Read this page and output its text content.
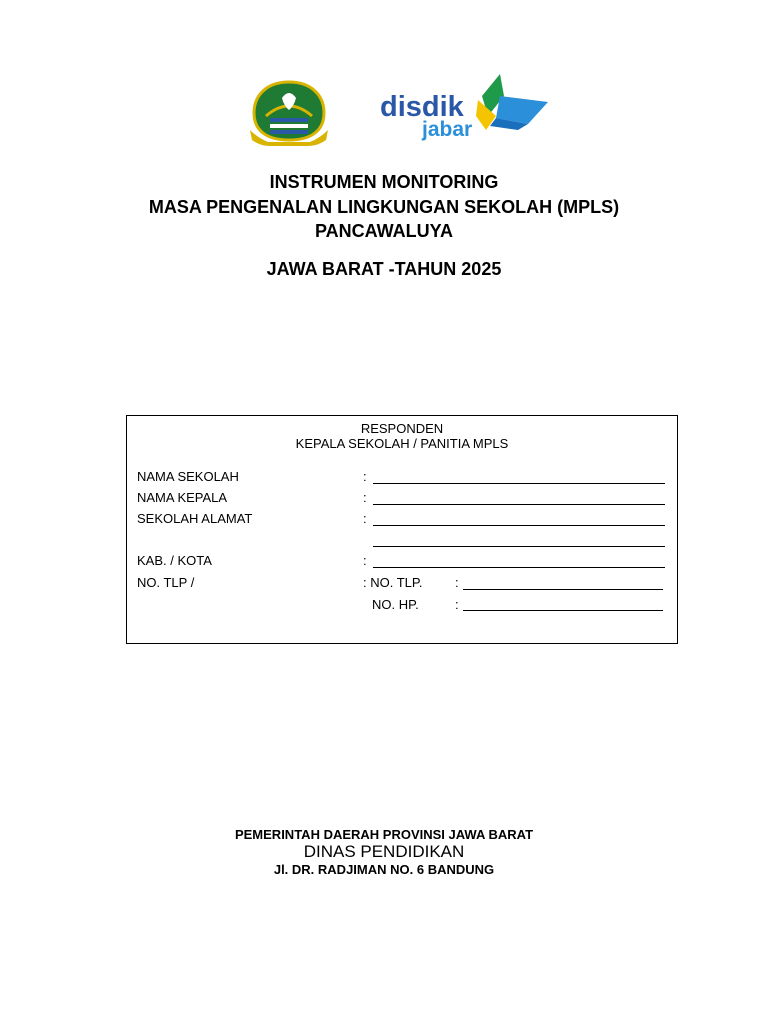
disdik
jabar
INSTRUMEN MONITORING
MASA PENGENALAN LINGKUNGAN SEKOLAH (MPLS)
PANCAWALUYA
JAWA BARAT -TAHUN 2025
RESPONDEN
KEPALA SEKOLAH / PANITIA MPLS
NAMA SEKOLAH	:
NAMA KEPALA	:
SEKOLAH ALAMAT	:
KAB. / KOTA	:
NO. TLP /	: NO. TLP.	:
NO. HP.	:
PEMERINTAH DAERAH PROVINSI JAWA BARAT
DINAS PENDIDIKAN
Jl. DR. RADJIMAN NO. 6 BANDUNG
